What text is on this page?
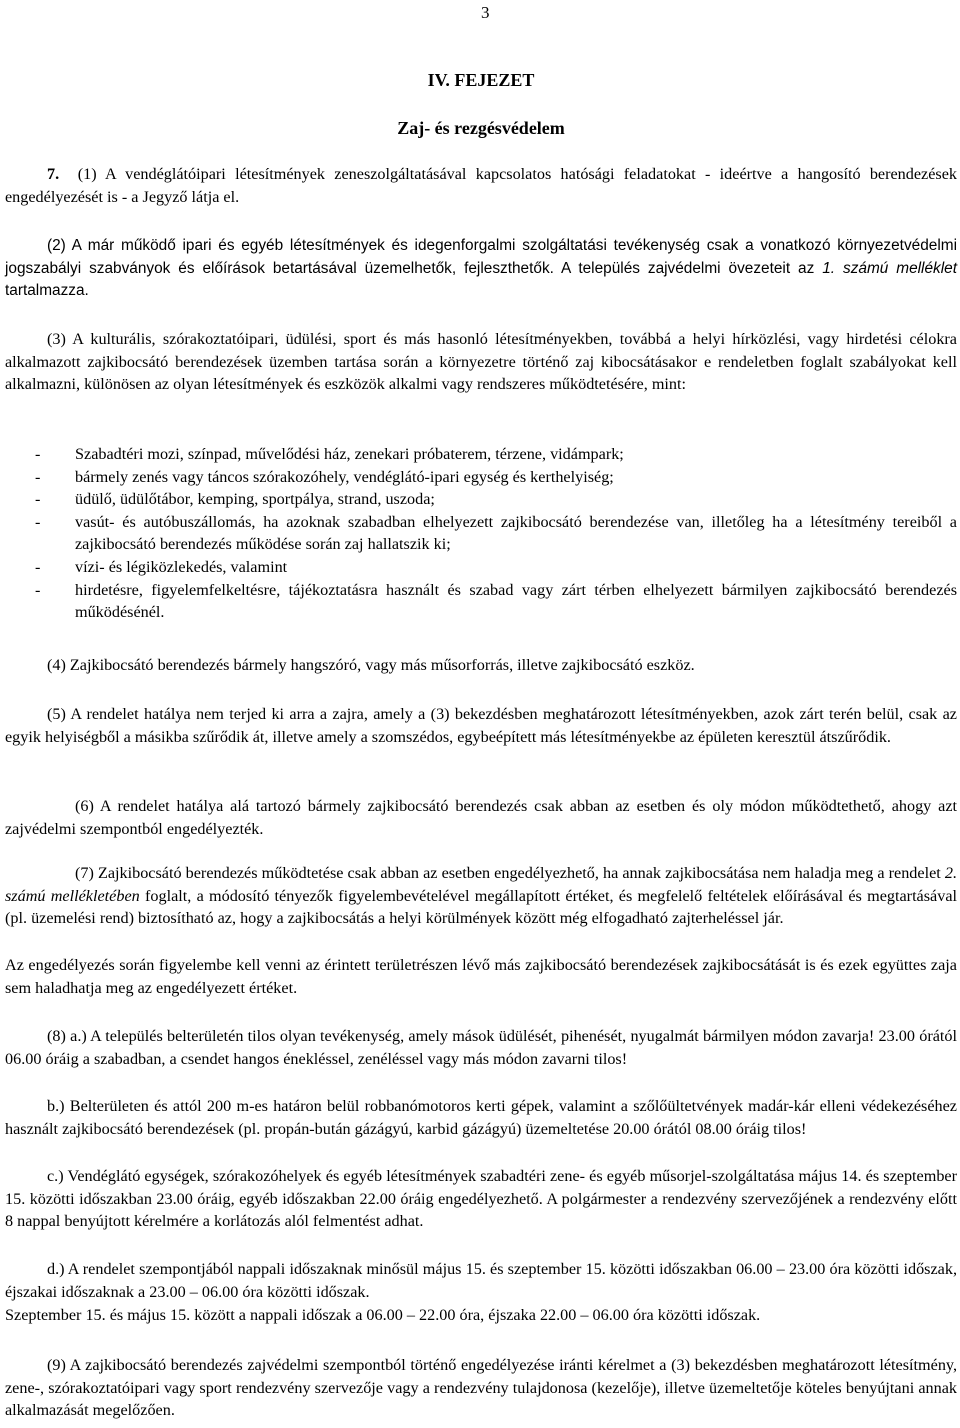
3
IV. FEJEZET
Zaj- és rezgésvédelem
7. (1) A vendéglátóipari létesítmények zeneszolgáltatásával kapcsolatos hatósági feladatokat - ideértve a hangosító berendezések engedélyezését is - a Jegyző látja el.
(2) A már működő ipari és egyéb létesítmények és idegenforgalmi szolgáltatási tevékenység csak a vonatkozó környezetvédelmi jogszabályi szabványok és előírások betartásával üzemelhetők, fejleszthetők. A település zajvédelmi övezeteit az 1. számú melléklet tartalmazza.
(3) A kulturális, szórakoztatóipari, üdülési, sport és más hasonló létesítményekben, továbbá a helyi hírközlési, vagy hirdetési célokra alkalmazott zajkibocsátó berendezések üzemben tartása során a környezetre történő zaj kibocsátásakor e rendeletben foglalt szabályokat kell alkalmazni, különösen az olyan létesítmények és eszközök alkalmi vagy rendszeres működtetésére, mint:
- Szabadtéri mozi, színpad, művelődési ház, zenekari próbaterem, térzene, vidámpark;
- bármely zenés vagy táncos szórakozóhely, vendéglátó-ipari egység és kerthelyiség;
- üdülő, üdülőtábor, kemping, sportpálya, strand, uszoda;
- vasút- és autóbuszállomás, ha azoknak szabadban elhelyezett zajkibocsátó berendezése van, illetőleg ha a létesítmény tereiből a zajkibocsátó berendezés működése során zaj hallatszik ki;
- vízi- és légiközlekedés, valamint
- hirdetésre, figyelemfelkeltésre, tájékoztatásra használt és szabad vagy zárt térben elhelyezett bármilyen zajkibocsátó berendezés működésénél.
(4) Zajkibocsátó berendezés bármely hangszóró, vagy más műsorforrás, illetve zajkibocsátó eszköz.
(5) A rendelet hatálya nem terjed ki arra a zajra, amely a (3) bekezdésben meghatározott létesítményekben, azok zárt terén belül, csak az egyik helyiségből a másikba szűrődik át, illetve amely a szomszédos, egybeépített más létesítményekbe az épületen keresztül átszűrődik.
(6) A rendelet hatálya alá tartozó bármely zajkibocsátó berendezés csak abban az esetben és oly módon működtethető, ahogy azt zajvédelmi szempontból engedélyezték.
(7) Zajkibocsátó berendezés működtetése csak abban az esetben engedélyezhető, ha annak zajkibocsátása nem haladja meg a rendelet 2. számú mellékletében foglalt, a módosító tényezők figyelembevételével megállapított értéket, és megfelelő feltételek előírásával és megtartásával (pl. üzemelési rend) biztosítható az, hogy a zajkibocsátás a helyi körülmények között még elfogadható zajterheléssel jár.
Az engedélyezés során figyelembe kell venni az érintett területrészen lévő más zajkibocsátó berendezések zajkibocsátását is és ezek együttes zaja sem haladhatja meg az engedélyezett értéket.
(8) a.) A település belterületén tilos olyan tevékenység, amely mások üdülését, pihenését, nyugalmát bármilyen módon zavarja! 23.00 órától 06.00 óráig a szabadban, a csendet hangos énekléssel, zenéléssel vagy más módon zavarni tilos!
b.) Belterületen és attól 200 m-es határon belül robbanómotoros kerti gépek, valamint a szőlőültetvények madár-kár elleni védekezéséhez használt zajkibocsátó berendezések (pl. propán-bután gázágyú, karbid gázágyú) üzemeltetése 20.00 órától 08.00 óráig tilos!
c.) Vendéglátó egységek, szórakozóhelyek és egyéb létesítmények szabadtéri zene- és egyéb műsorjel-szolgáltatása május 14. és szeptember 15. közötti időszakban 23.00 óráig, egyéb időszakban 22.00 óráig engedélyezhető. A polgármester a rendezvény szervezőjének a rendezvény előtt 8 nappal benyújtott kérelmére a korlátozás alól felmentést adhat.
d.) A rendelet szempontjából nappali időszaknak minősül május 15. és szeptember 15. közötti időszakban 06.00 – 23.00 óra közötti időszak, éjszakai időszaknak a 23.00 – 06.00 óra közötti időszak.
Szeptember 15. és május 15. között a nappali időszak a 06.00 – 22.00 óra, éjszaka 22.00 – 06.00 óra közötti időszak.
(9) A zajkibocsátó berendezés zajvédelmi szempontból történő engedélyezése iránti kérelmet a (3) bekezdésben meghatározott létesítmény, zene-, szórakoztatóipari vagy sport rendezvény szervezője vagy a rendezvény tulajdonosa (kezelője), illetve üzemeltetője köteles benyújtani annak alkalmazását megelőzően.
